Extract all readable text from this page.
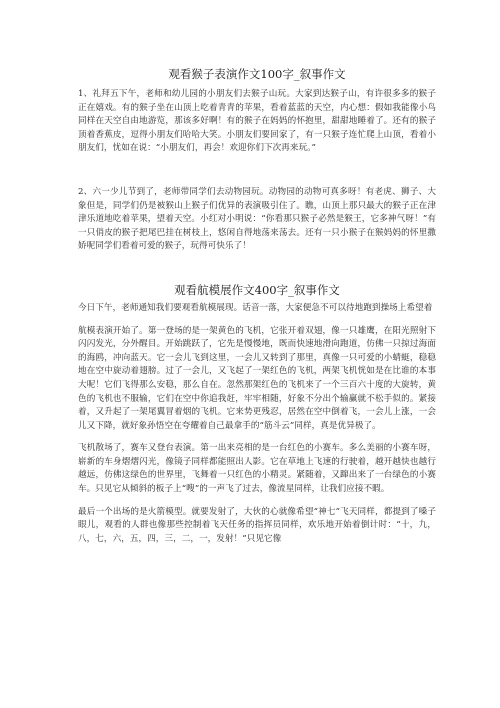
观看猴子表演作文100字_叙事作文

1、礼拜五下午，老师和幼儿园的小朋友们去猴子山玩。大家到达猴子山，有许很多多的猴子正在嬉戏。有的猴子坐在山顶上吃着青青的苹果，看着蓝蓝的天空，内心想：假如我能像小鸟同样在天空自由地游览，那该多好啊！有的猴子在妈妈的怀抱里，甜甜地睡着了。还有的猴子顶着香蕉皮，逗得小朋友们哈哈大笑。小朋友们要回家了，有一只猴子连忙爬上山顶，看着小朋友们，忧如在说：“小朋友们，再会！欢迎你们下次再来玩。”

2、六一少儿节到了，老师带同学们去动物园玩。动物园的动物可真多呀！有老虎、狮子、大象但是，同学们仍是被猴山上猴子们优异的表演吸引住了。瞧，山顶上那只最大的猴子正在津津乐道地吃着苹果，望着天空。小红对小明说：“你看那只猴子必然是猴王，它多神气呀！”有一只俏皮的猴子把尾巴挂在树枝上，悠闲自得地荡来荡去。还有一只小猴子在猴妈妈的怀里撒娇呢同学们看着可爱的猴子，玩得可快乐了！

观看航模展作文400字_叙事作文

今日下午，老师通知我们要观看航模展现。话音一落，大家便急不可以待地跑到操场上希望着

航模表演开始了。第一登场的是一架黄色的飞机，它张开着双翅，像一只雄鹰，在阳光照射下闪闪发光，分外醒目。开始跳跃了，它先是慢慢地，既而快速地滑向跑道，仿佛一只掠过海面的海鸥，冲向蓝天。它一会儿飞到这里，一会儿又转到了那里，真像一只可爱的小蜻蜓，稳稳地在空中旋动着翅膀。过了一会儿，又飞起了一架红色的飞机，两架飞机恍如是在比谁的本事大呢！它们飞得那么安稳，那么自在。忽然那架红色的飞机来了一个三百六十度的大旋转，黄色的飞机也不服输，它们在空中你追我赶，牢牢相随，好象不分出个输赢就不松手似的。紧接着，又升起了一架尾翼冒着烟的飞机。它来势更残忍，居然在空中倒着飞，一会儿上涨，一会儿又下降，就好象孙悟空在夸耀着自己最拿手的“筋斗云”同样，真是优异极了。

飞机散场了，赛车又登台表演。第一出来亮相的是一台红色的小赛车。多么美丽的小赛车呀，崭新的车身熠熠闪光，像镜子同样都能照出人影。它在草地上飞速的行驶着，越开越快也越行越远，仿佛这绿色的世界里，飞舞着一只红色的小精灵。紧随着，又蹿出来了一台绿色的小赛车。只见它从倾斜的板子上“嗖”的一声飞了过去，像流星同样，让我们应接不暇。

最后一个出场的是火箭模型。就要发射了，大伙的心就像希望“神七”飞天同样，都提到了嗓子眼儿，观看的人群也像那些控制着飞天任务的指挥员同样，欢乐地开始着倒计时：“十，九，八，七，六，五，四，三，二，一，发射！”只见它像
